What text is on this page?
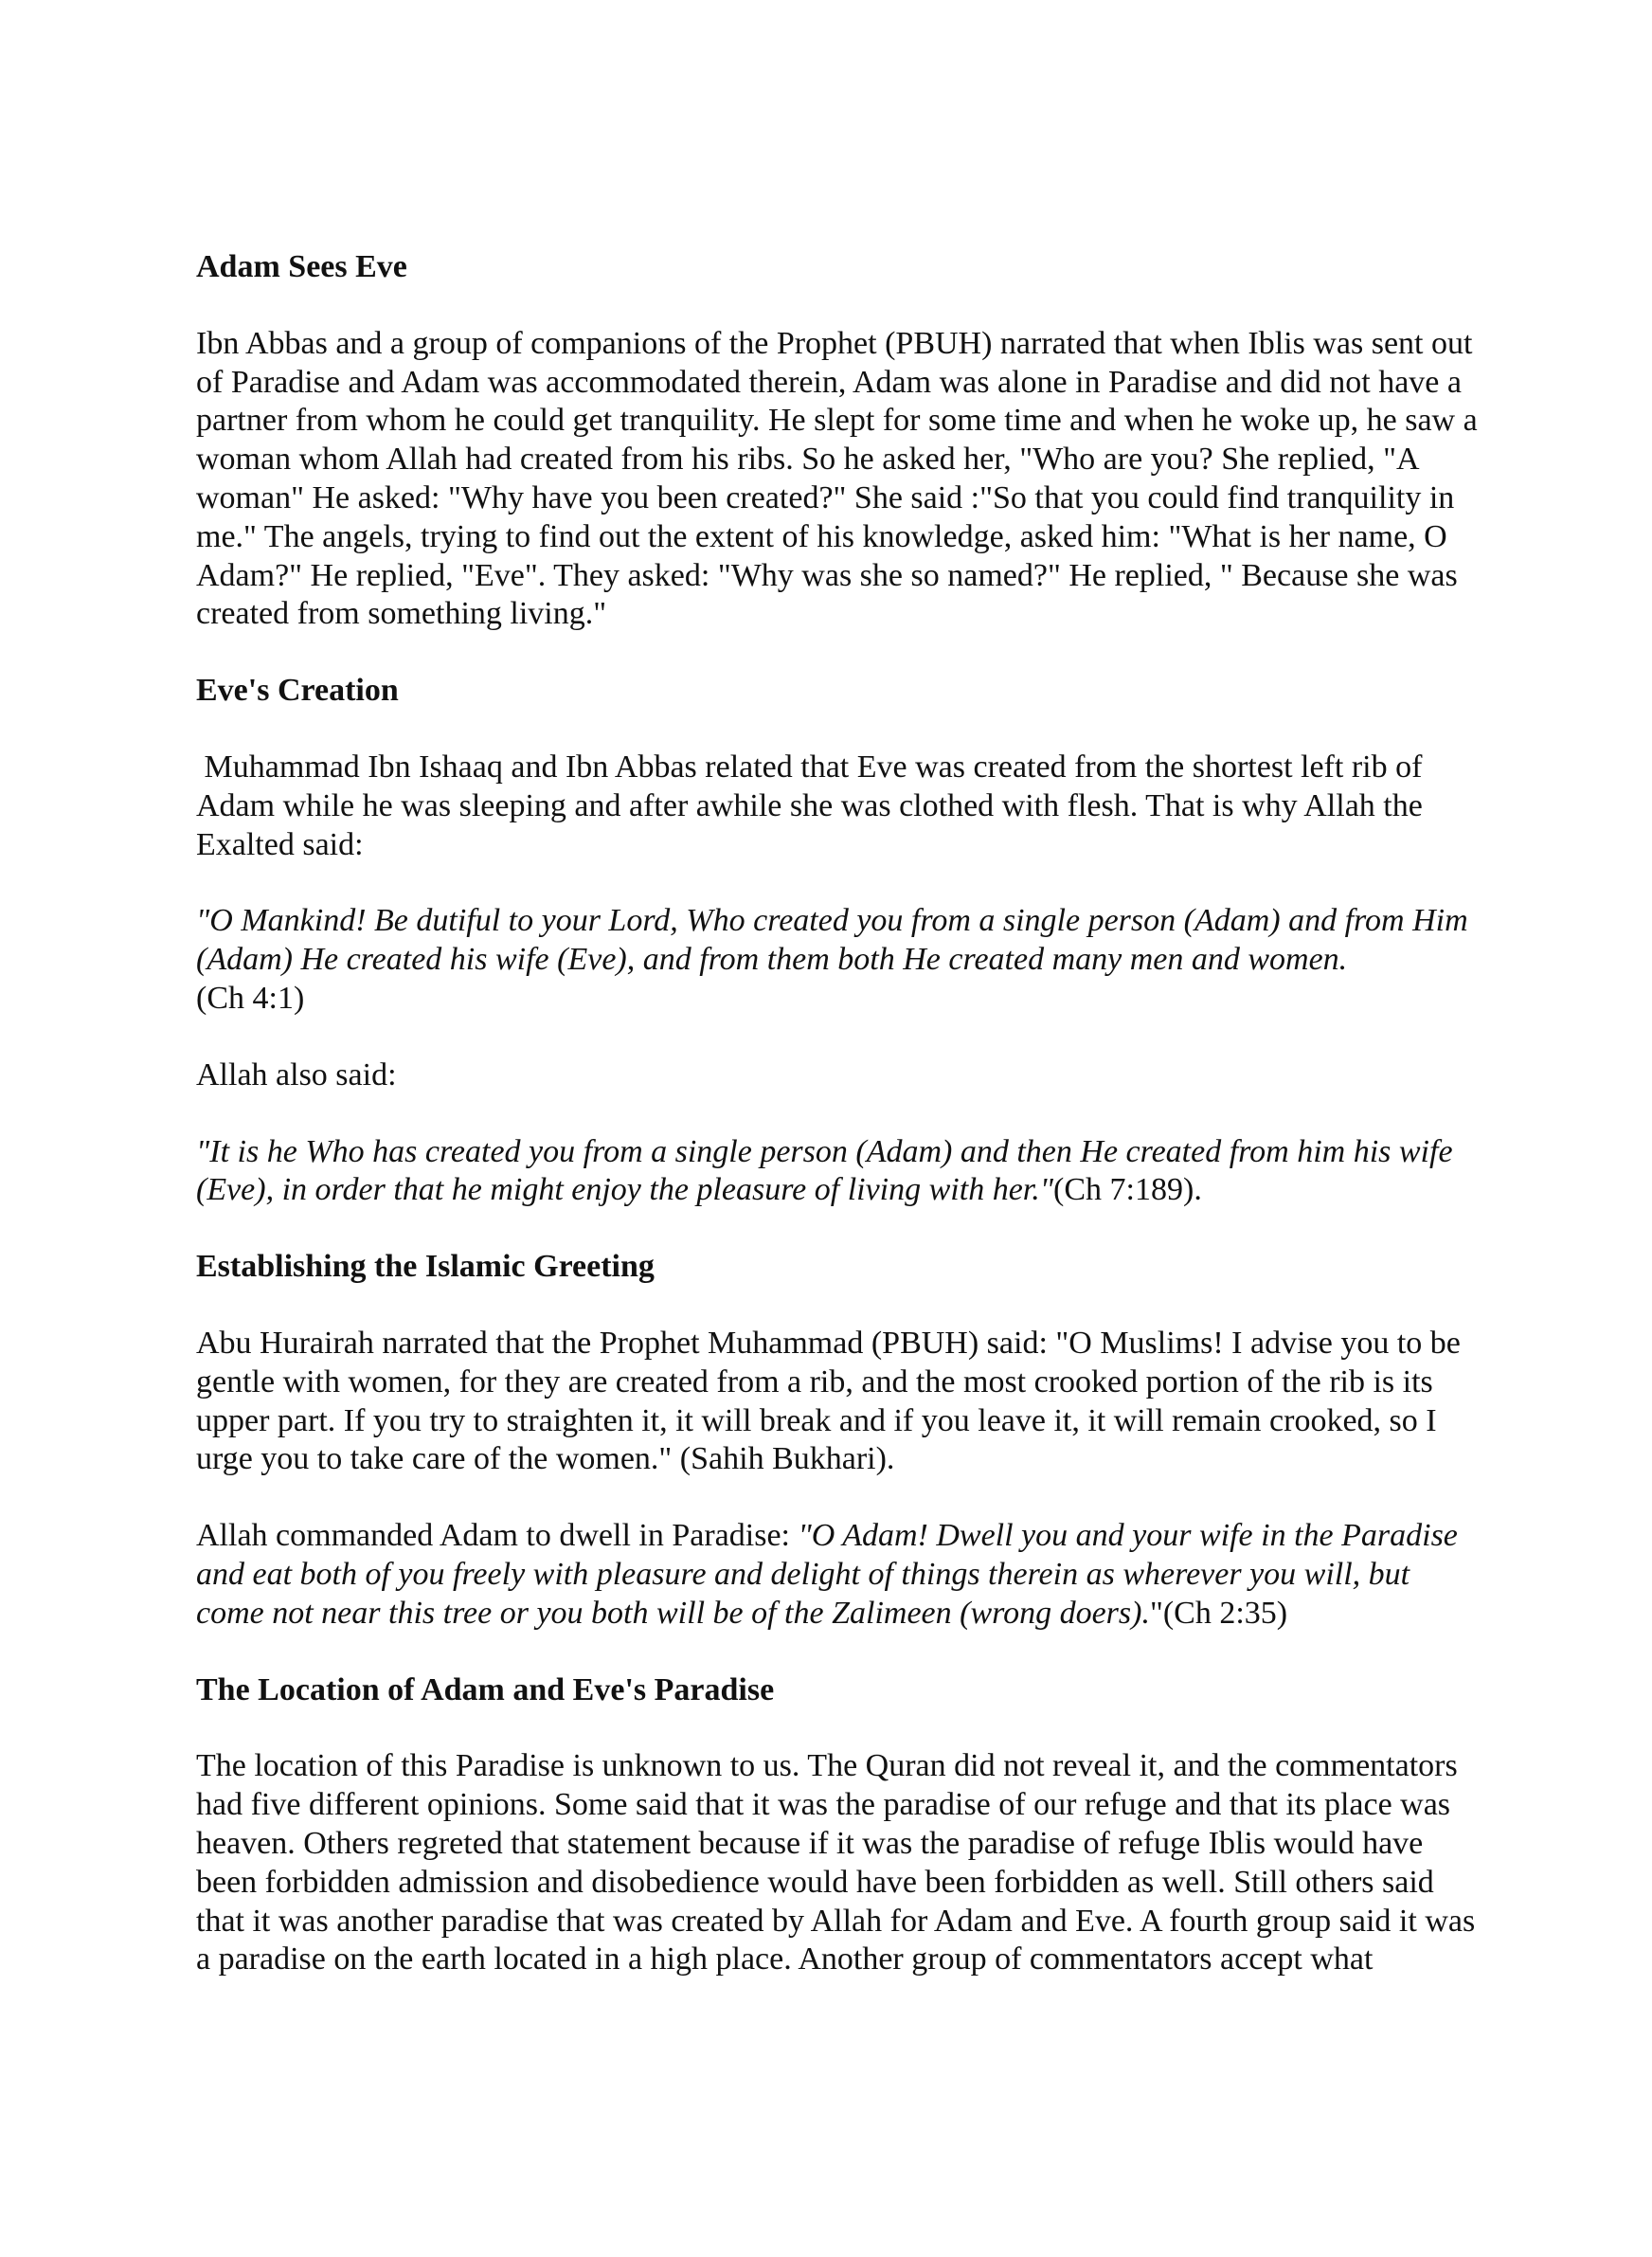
Adam Sees Eve
Ibn Abbas and a group of companions of the Prophet (PBUH) narrated that when Iblis was sent out of Paradise and Adam was accommodated therein, Adam was alone in Paradise and did not have a partner from whom he could get tranquility. He slept for some time and when he woke up, he saw a woman whom Allah had created from his ribs. So he asked her, "Who are you? She replied, "A woman" He asked: "Why have you been created?" She said :"So that you could find tranquility in me." The angels, trying to find out the extent of his knowledge, asked him: "What is her name, O Adam?" He replied, "Eve". They asked: "Why was she so named?" He replied, " Because she was created from something living."
Eve's Creation
Muhammad Ibn Ishaaq and Ibn Abbas related that Eve was created from the shortest left rib of Adam while he was sleeping and after awhile she was clothed with flesh. That is why Allah the Exalted said:
"O Mankind! Be dutiful to your Lord, Who created you from a single person (Adam) and from Him (Adam) He created his wife (Eve), and from them both He created many men and women.
(Ch 4:1)
Allah also said:
"It is he Who has created you from a single person (Adam) and then He created from him his wife (Eve), in order that he might enjoy the pleasure of living with her."(Ch 7:189).
Establishing the Islamic Greeting
Abu Hurairah narrated that the Prophet Muhammad (PBUH) said: "O Muslims! I advise you to be gentle with women, for they are created from a rib, and the most crooked portion of the rib is its upper part. If you try to straighten it, it will break and if you leave it, it will remain crooked, so I urge you to take care of the women." (Sahih Bukhari).
Allah commanded Adam to dwell in Paradise: "O Adam! Dwell you and your wife in the Paradise and eat both of you freely with pleasure and delight of things therein as wherever you will, but come not near this tree or you both will be of the Zalimeen (wrong doers)."(Ch 2:35)
The Location of Adam and Eve's Paradise
The location of this Paradise is unknown to us. The Quran did not reveal it, and the commentators had five different opinions. Some said that it was the paradise of our refuge and that its place was heaven. Others regreted that statement because if it was the paradise of refuge Iblis would have been forbidden admission and disobedience would have been forbidden as well. Still others said that it was another paradise that was created by Allah for Adam and Eve. A fourth group said it was a paradise on the earth located in a high place. Another group of commentators accept what
